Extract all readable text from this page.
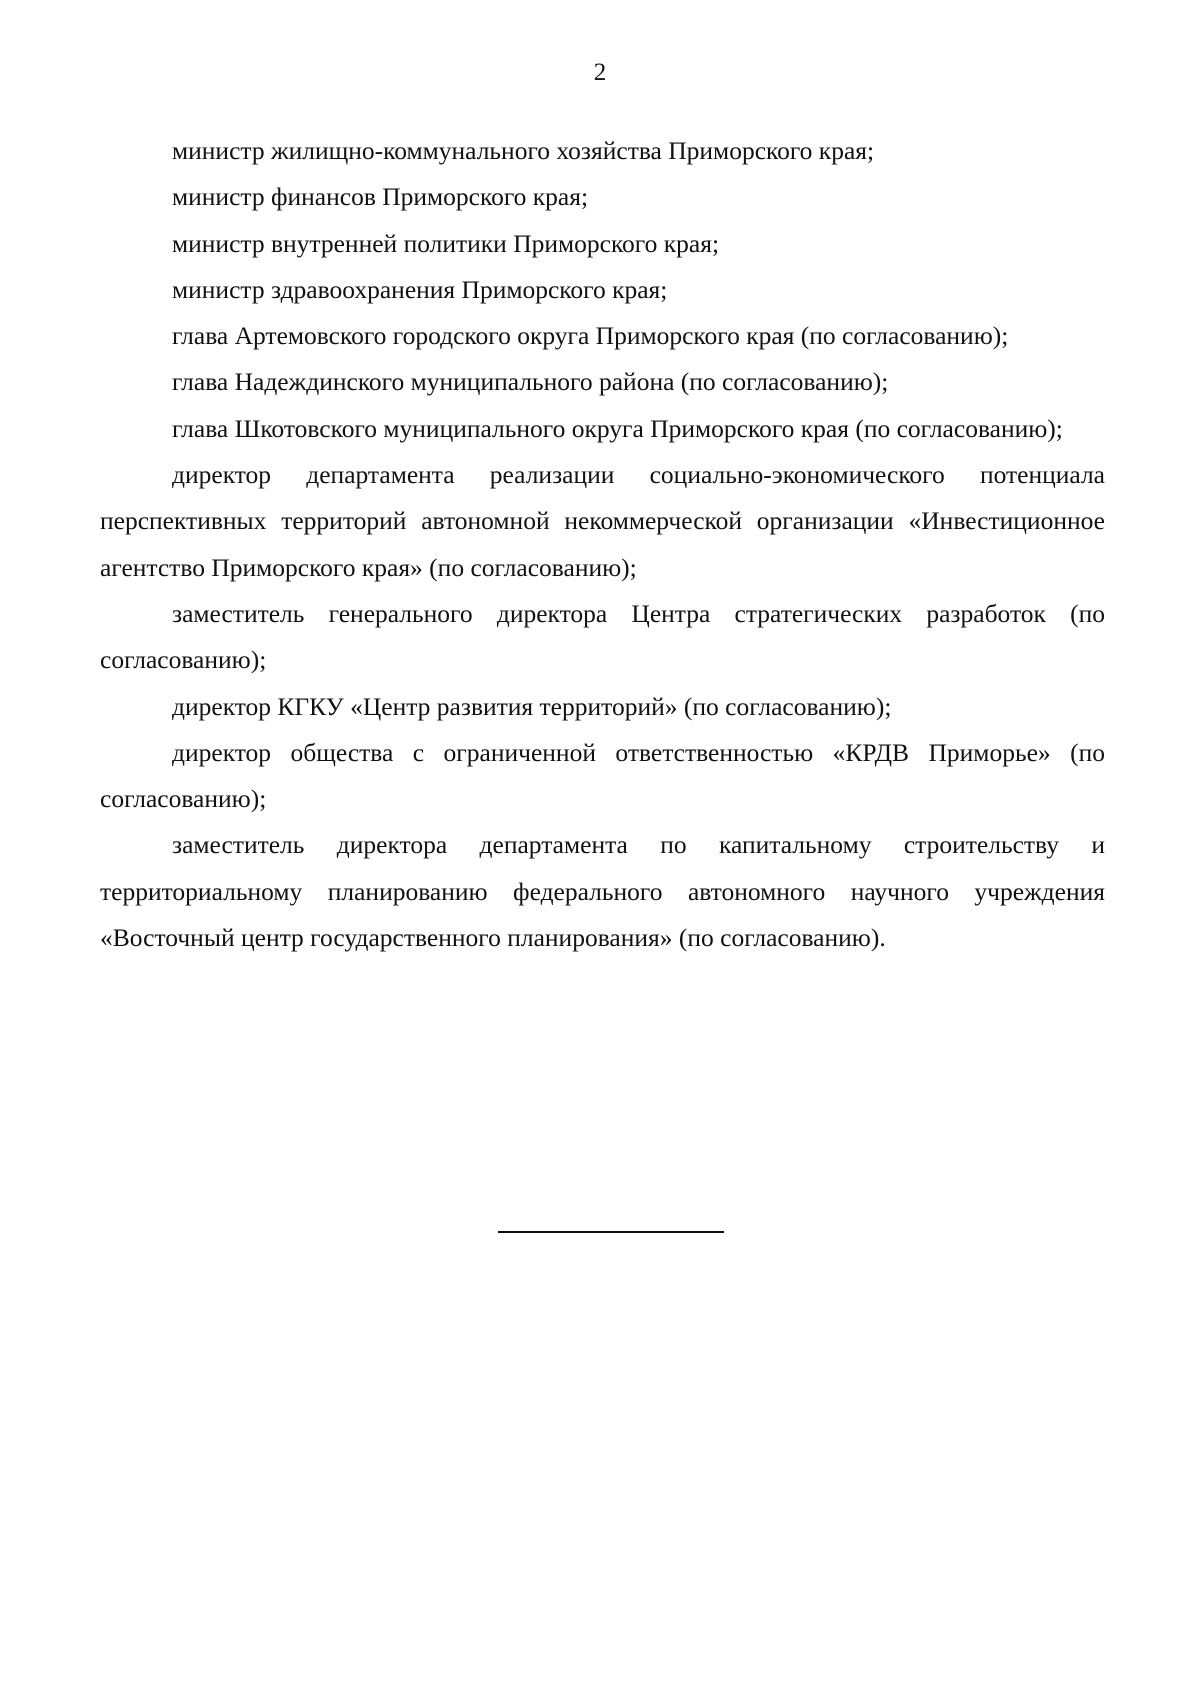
2

министр жилищно-коммунального хозяйства Приморского края;

министр финансов Приморского края;

министр внутренней политики Приморского края;

министр здравоохранения Приморского края;

глава Артемовского городского округа Приморского края (по согласованию);

глава Надеждинского муниципального района (по согласованию);

глава Шкотовского муниципального округа Приморского края (по согласованию);

директор департамента реализации социально-экономического потенциала перспективных территорий автономной некоммерческой организации «Инвестиционное агентство Приморского края» (по согласованию);

заместитель генерального директора Центра стратегических разработок (по согласованию);

директор КГКУ «Центр развития территорий» (по согласованию);

директор общества с ограниченной ответственностью «КРДВ Приморье» (по согласованию);

заместитель директора департамента по капитальному строительству и территориальному планированию федерального автономного научного учреждения «Восточный центр государственного планирования» (по согласованию).
